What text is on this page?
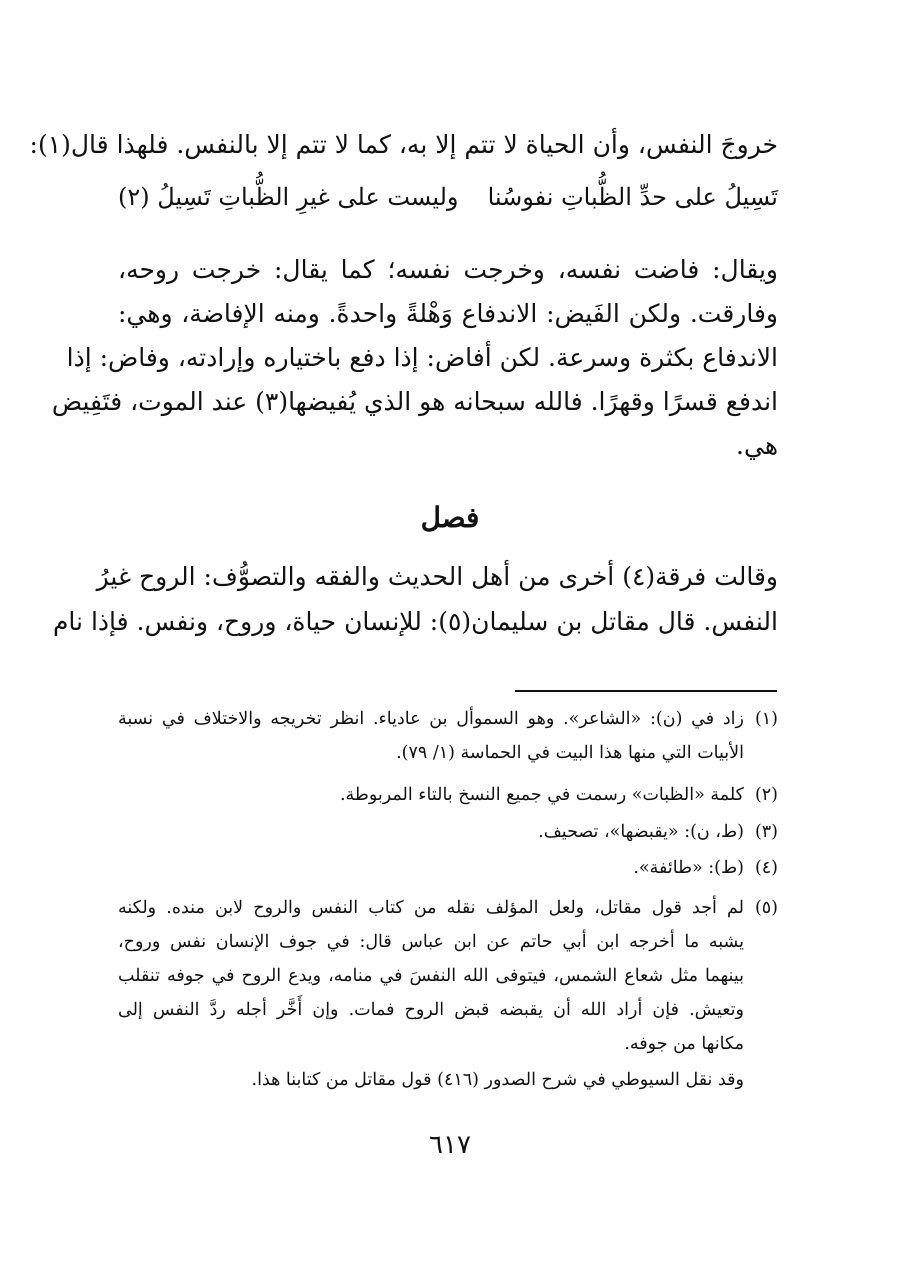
خروجَ النفس، وأن الحياة لا تتم إلا به، كما لا تتم إلا بالنفس. فلهذا قال(١):
تَسِيلُ على حدِّ الظُّباتِ نفوسُنا
وليست على غيرِ الظُّباتِ تَسِيلُ (٢)
ويقال: فاضت نفسه، وخرجت نفسه؛ كما يقال: خرجت روحه،
وفارقت. ولكن الفَيض: الاندفاع وَهْلةً واحدةً. ومنه الإفاضة، وهي:
الاندفاع بكثرة وسرعة. لكن أفاض: إذا دفع باختياره وإرادته، وفاض: إذا
اندفع قسرًا وقهرًا. فالله سبحانه هو الذي يُفيضها(٣) عند الموت، فتَفِيض
هي.
فصل
وقالت فرقة(٤) أخرى من أهل الحديث والفقه والتصوُّف: الروح غيرُ
النفس. قال مقاتل بن سليمان(٥): للإنسان حياة، وروح، ونفس. فإذا نام
(١)زاد في (ن): «الشاعر». وهو السموأل بن عادياء. انظر تخريجه والاختلاف في نسبة
الأبيات التي منها هذا البيت في الحماسة (١/ ٧٩).
(٢)كلمة «الظبات» رسمت في جميع النسخ بالتاء المربوطة.
(٣)(ط، ن): «يقبضها»، تصحيف.
(٤)(ط): «طائفة».
(٥)لم أجد قول مقاتل، ولعل المؤلف نقله من كتاب النفس والروح لابن منده. ولكنه
يشبه ما أخرجه ابن أبي حاتم عن ابن عباس قال: في جوف الإنسان نفس وروح،
بينهما مثل شعاع الشمس، فيتوفى الله النفسَ في منامه، ويدع الروح في جوفه تنقلب
وتعيش. فإن أراد الله أن يقبضه قبض الروح فمات. وإن أَخَّر أجله ردَّ النفس إلى
مكانها من جوفه.
وقد نقل السيوطي في شرح الصدور (٤١٦) قول مقاتل من كتابنا هذا.
٦١٧
